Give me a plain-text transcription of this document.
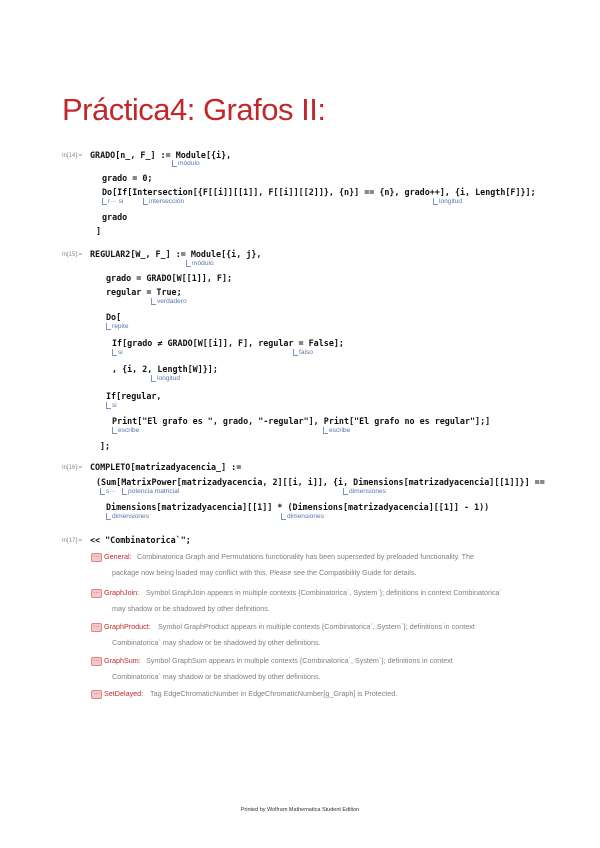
Práctica4: Grafos II:
In[14]:= GRADO[n_, F_] := Module[{i},
módulo
grado = 0;
Do[If[Intersection[{F[[i]][[1]], F[[i]][[2]]}, {n}] == {n}, grado++], {i, Length[F]}];
r··· si	intersección	longitud
grado
]
In[15]:= REGULAR2[W_, F_] := Module[{i, j},
módulo
grado = GRADO[W[[1]], F];
regular = True;
verdadero
Do[
repite
If[grado ≠ GRADO[W[[i]], F], regular = False];
si	falso
, {i, 2, Length[W]}];
longitud
If[regular,
si
Print["El grafo es ", grado, "-regular"], Print["El grafo no es regular"];]
escribe	escribe
];
In[16]:= COMPLETO[matrizadyacencia_] :=
(Sum[MatrixPower[matrizadyacencia, 2][[i, i]], {i, Dimensions[matrizadyacencia][[1]]}] ==
s···	potencia matricial	dimensiones
Dimensions[matrizadyacencia][[1]] * (Dimensions[matrizadyacencia][[1]] - 1))
dimensiones	dimensiones
In[17]:= << "Combinatorica`";
··· General: Combinatorica Graph and Permutations functionality has been superseded by preloaded functionality. The
package now being loaded may conflict with this. Please see the Compatibility Guide for details.
··· GraphJoin: Symbol GraphJoin appears in multiple contexts {Combinatorica`, System`}; definitions in context Combinatorica`
may shadow or be shadowed by other definitions.
··· GraphProduct: Symbol GraphProduct appears in multiple contexts {Combinatorica`, System`}; definitions in context
Combinatorica` may shadow or be shadowed by other definitions.
··· GraphSum: Symbol GraphSum appears in multiple contexts {Combinatorica`, System`}; definitions in context
Combinatorica` may shadow or be shadowed by other definitions.
··· SetDelayed: Tag EdgeChromaticNumber in EdgeChromaticNumber[g_Graph] is Protected.
Printed by Wolfram Mathematica Student Edition
